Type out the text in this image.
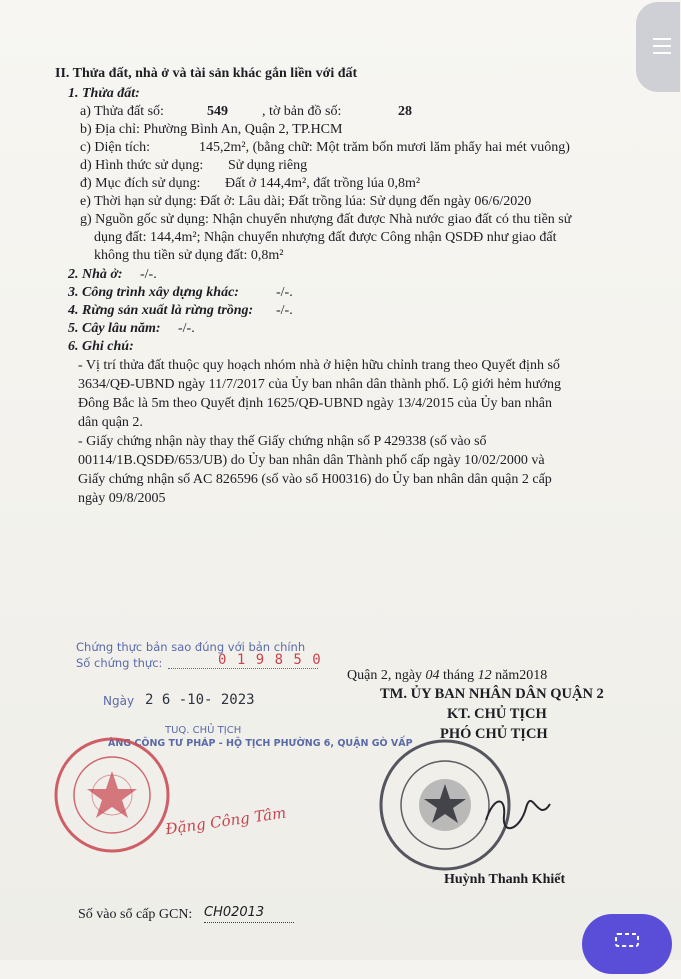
II. Thửa đất, nhà ở và tài sản khác gắn liền với đất
1. Thửa đất:
a) Thửa đất số:	549 , tờ bản đồ số:	28
b) Địa chỉ: Phường Bình An, Quận 2, TP.HCM
c) Diện tích:	145,2m², (bằng chữ: Một trăm bốn mươi lăm phẩy hai mét vuông)
d) Hình thức sử dụng: Sử dụng riêng
đ) Mục đích sử dụng: Đất ở 144,4m², đất trồng lúa 0,8m²
e) Thời hạn sử dụng: Đất ở: Lâu dài; Đất trồng lúa: Sử dụng đến ngày 06/6/2020
g) Nguồn gốc sử dụng: Nhận chuyển nhượng đất được Nhà nước giao đất có thu tiền sử
dụng đất: 144,4m²; Nhận chuyển nhượng đất được Công nhận QSDĐ như giao đất
không thu tiền sử dụng đất: 0,8m²
2. Nhà ở: -/-.
3. Công trình xây dựng khác:	-/-.
4. Rừng sản xuất là rừng trồng: -/-.
5. Cây lâu năm: -/-.
6. Ghi chú:
- Vị trí thửa đất thuộc quy hoạch nhóm nhà ở hiện hữu chỉnh trang theo Quyết định số
3634/QĐ-UBND ngày 11/7/2017 của Ủy ban nhân dân thành phố. Lộ giới hẻm hướng
Đông Bắc là 5m theo Quyết định 1625/QĐ-UBND ngày 13/4/2015 của Ủy ban nhân
dân quận 2.
- Giấy chứng nhận này thay thế Giấy chứng nhận số P 429338 (số vào sổ
00114/1B.QSDĐ/653/UB) do Ủy ban nhân dân Thành phố cấp ngày 10/02/2000 và
Giấy chứng nhận số AC 826596 (số vào sổ H00316) do Ủy ban nhân dân quận 2 cấp
ngày 09/8/2005
Chứng thực bản sao đúng với bản chính
Số chứng thực:	0 1 9 8 5 0
Ngày 2 6 -10- 2023
TUQ. CHỦ TỊCH
ÀNG CÔNG TƯ PHÁP - HỘ TỊCH PHƯỜNG 6, QUẬN GÒ VẤP
Đặng Công Tâm
Quận 2, ngày 04 tháng 12 năm2018
TM. ỦY BAN NHÂN DÂN QUẬN 2
KT. CHỦ TỊCH
PHÓ CHỦ TỊCH
Huỳnh Thanh Khiết
Số vào sổ cấp GCN: CH02013
